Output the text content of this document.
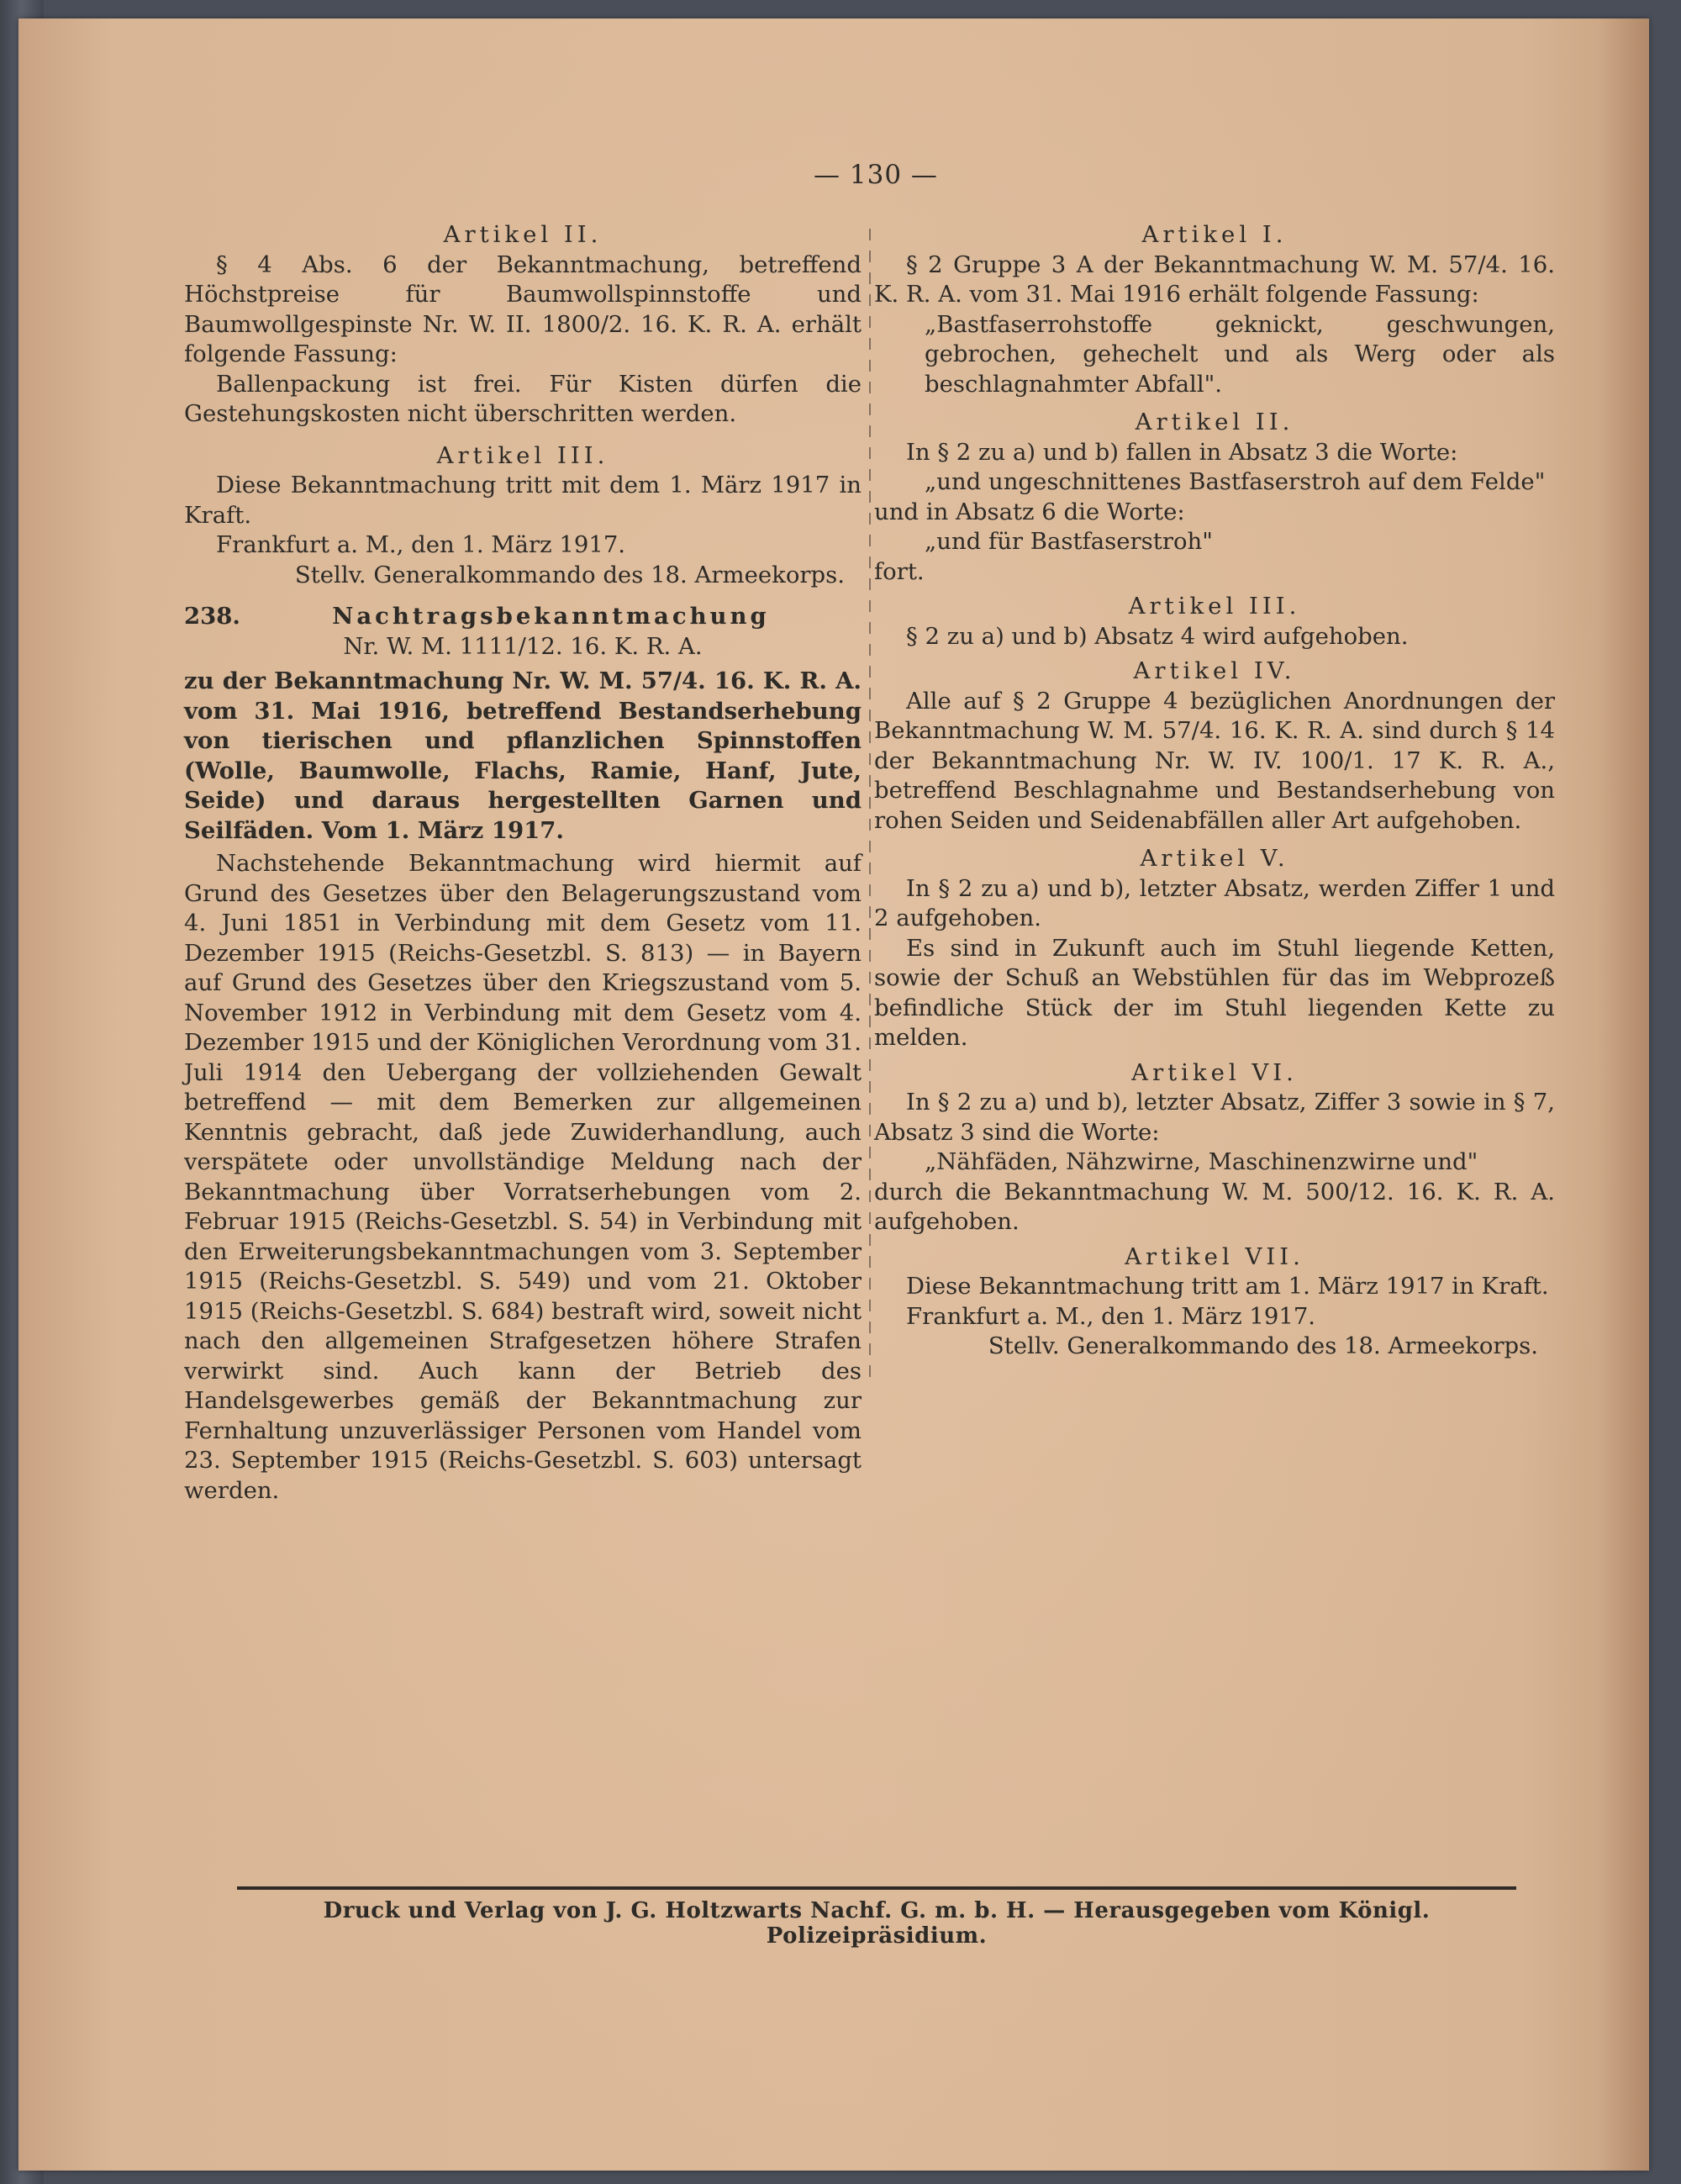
— 130 —
Artikel II.

§ 4 Abs. 6 der Bekanntmachung, betreffend Höchstpreise für Baumwollspinnstoffe und Baumwollgespinste Nr. W. II. 1800/2. 16. K. R. A. erhält folgende Fassung:

Ballenpackung ist frei. Für Kisten dürfen die Gestehungskosten nicht überschritten werden.

Artikel III.

Diese Bekanntmachung tritt mit dem 1. März 1917 in Kraft.

Frankfurt a. M., den 1. März 1917.

Stellv. Generalkommando des 18. Armeekorps.

238.	Nachtragsbekanntmachung
Nr. W. M. 1111/12. 16. K. R. A.

zu der Bekanntmachung Nr. W. M. 57/4. 16. K. R. A. vom 31. Mai 1916, betreffend Bestandserhebung von tierischen und pflanzlichen Spinnstoffen (Wolle, Baumwolle, Flachs, Ramie, Hanf, Jute, Seide) und daraus hergestellten Garnen und Seilfäden. Vom 1. März 1917.

Nachstehende Bekanntmachung wird hiermit auf Grund des Gesetzes über den Belagerungszustand vom 4. Juni 1851 in Verbindung mit dem Gesetz vom 11. Dezember 1915 (Reichs-Gesetzbl. S. 813) — in Bayern auf Grund des Gesetzes über den Kriegszustand vom 5. November 1912 in Verbindung mit dem Gesetz vom 4. Dezember 1915 und der Königlichen Verordnung vom 31. Juli 1914 den Uebergang der vollziehenden Gewalt betreffend — mit dem Bemerken zur allgemeinen Kenntnis gebracht, daß jede Zuwiderhandlung, auch verspätete oder unvollständige Meldung nach der Bekanntmachung über Vorratserhebungen vom 2. Februar 1915 (Reichs-Gesetzbl. S. 54) in Verbindung mit den Erweiterungsbekanntmachungen vom 3. September 1915 (Reichs-Gesetzbl. S. 549) und vom 21. Oktober 1915 (Reichs-Gesetzbl. S. 684) bestraft wird, soweit nicht nach den allgemeinen Strafgesetzen höhere Strafen verwirkt sind. Auch kann der Betrieb des Handelsgewerbes gemäß der Bekanntmachung zur Fernhaltung unzuverlässiger Personen vom Handel vom 23. September 1915 (Reichs-Gesetzbl. S. 603) untersagt werden.

Artikel I.

§ 2 Gruppe 3 A der Bekanntmachung W. M. 57/4. 16. K. R. A. vom 31. Mai 1916 erhält folgende Fassung:

„Bastfaserrohstoffe geknickt, geschwungen, gebrochen, gehechelt und als Werg oder als beschlagnahmter Abfall".

Artikel II.

In § 2 zu a) und b) fallen in Absatz 3 die Worte:

„und ungeschnittenes Bastfaserstroh auf dem Felde"

und in Absatz 6 die Worte:

„und für Bastfaserstroh"

fort.

Artikel III.

§ 2 zu a) und b) Absatz 4 wird aufgehoben.

Artikel IV.

Alle auf § 2 Gruppe 4 bezüglichen Anordnungen der Bekanntmachung W. M. 57/4. 16. K. R. A. sind durch § 14 der Bekanntmachung Nr. W. IV. 100/1. 17 K. R. A., betreffend Beschlagnahme und Bestandserhebung von rohen Seiden und Seidenabfällen aller Art aufgehoben.

Artikel V.

In § 2 zu a) und b), letzter Absatz, werden Ziffer 1 und 2 aufgehoben.

Es sind in Zukunft auch im Stuhl liegende Ketten, sowie der Schuß an Webstühlen für das im Webprozeß befindliche Stück der im Stuhl liegenden Kette zu melden.

Artikel VI.

In § 2 zu a) und b), letzter Absatz, Ziffer 3 sowie in § 7, Absatz 3 sind die Worte:

„Nähfäden, Nähzwirne, Maschinenzwirne und"

durch die Bekanntmachung W. M. 500/12. 16. K. R. A. aufgehoben.

Artikel VII.

Diese Bekanntmachung tritt am 1. März 1917 in Kraft.

Frankfurt a. M., den 1. März 1917.

Stellv. Generalkommando des 18. Armeekorps.

Druck und Verlag von J. G. Holtzwarts Nachf. G. m. b. H. — Herausgegeben vom Königl. Polizeipräsidium.
